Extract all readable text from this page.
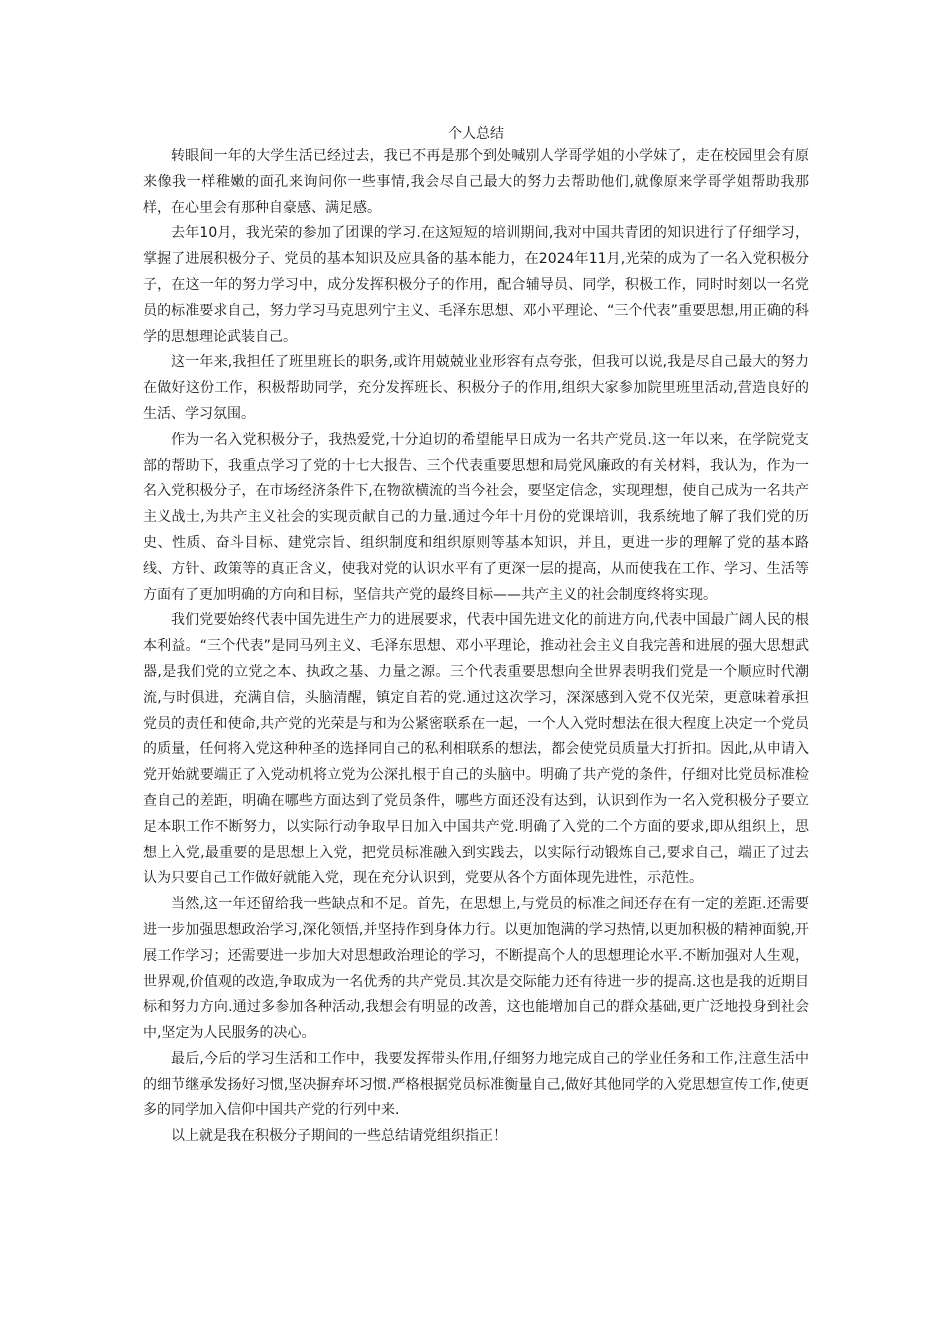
个人总结

转眼间一年的大学生活已经过去，我已不再是那个到处喊别人学哥学姐的小学妹了，走在校园里会有原来像我一样稚嫩的面孔来询问你一些事情,我会尽自己最大的努力去帮助他们,就像原来学哥学姐帮助我那样，在心里会有那种自豪感、满足感。

去年10月，我光荣的参加了团课的学习.在这短短的培训期间,我对中国共青团的知识进行了仔细学习，掌握了进展积极分子、党员的基本知识及应具备的基本能力，在2024年11月,光荣的成为了一名入党积极分子，在这一年的努力学习中，成分发挥积极分子的作用，配合辅导员、同学，积极工作，同时时刻以一名党员的标准要求自己，努力学习马克思列宁主义、毛泽东思想、邓小平理论、“三个代表”重要思想,用正确的科学的思想理论武装自己。

这一年来,我担任了班里班长的职务,或许用兢兢业业形容有点夸张，但我可以说,我是尽自己最大的努力在做好这份工作，积极帮助同学，充分发挥班长、积极分子的作用,组织大家参加院里班里活动,营造良好的生活、学习氛围。

作为一名入党积极分子，我热爱党,十分迫切的希望能早日成为一名共产党员.这一年以来，在学院党支部的帮助下，我重点学习了党的十七大报告、三个代表重要思想和局党风廉政的有关材料，我认为，作为一名入党积极分子，在市场经济条件下,在物欲横流的当今社会，要坚定信念，实现理想，使自己成为一名共产主义战士,为共产主义社会的实现贡献自己的力量.通过今年十月份的党课培训，我系统地了解了我们党的历史、性质、奋斗目标、建党宗旨、组织制度和组织原则等基本知识，并且，更进一步的理解了党的基本路线、方针、政策等的真正含义，使我对党的认识水平有了更深一层的提高，从而使我在工作、学习、生活等方面有了更加明确的方向和目标，坚信共产党的最终目标——共产主义的社会制度终将实现。

我们党要始终代表中国先进生产力的进展要求，代表中国先进文化的前进方向,代表中国最广阔人民的根本利益。“三个代表”是同马列主义、毛泽东思想、邓小平理论，推动社会主义自我完善和进展的强大思想武器,是我们党的立党之本、执政之基、力量之源。三个代表重要思想向全世界表明我们党是一个顺应时代潮流,与时俱进，充满自信，头脑清醒，镇定自若的党.通过这次学习，深深感到入党不仅光荣，更意味着承担党员的责任和使命,共产党的光荣是与和为公紧密联系在一起，一个人入党时想法在很大程度上决定一个党员的质量，任何将入党这种种圣的选择同自己的私利相联系的想法，都会使党员质量大打折扣。因此,从申请入党开始就要端正了入党动机将立党为公深扎根于自己的头脑中。明确了共产党的条件，仔细对比党员标准检查自己的差距，明确在哪些方面达到了党员条件，哪些方面还没有达到，认识到作为一名入党积极分子要立足本职工作不断努力，以实际行动争取早日加入中国共产党.明确了入党的二个方面的要求,即从组织上，思想上入党,最重要的是思想上入党，把党员标准融入到实践去，以实际行动锻炼自己,要求自己，端正了过去认为只要自己工作做好就能入党，现在充分认识到，党要从各个方面体现先进性，示范性。

当然,这一年还留给我一些缺点和不足。首先，在思想上,与党员的标准之间还存在有一定的差距.还需要进一步加强思想政治学习,深化领悟,并坚持作到身体力行。以更加饱满的学习热情,以更加积极的精神面貌,开展工作学习；还需要进一步加大对思想政治理论的学习，不断提高个人的思想理论水平.不断加强对人生观，世界观,价值观的改造,争取成为一名优秀的共产党员.其次是交际能力还有待进一步的提高.这也是我的近期目标和努力方向.通过多参加各种活动,我想会有明显的改善，这也能增加自己的群众基础,更广泛地投身到社会中,坚定为人民服务的决心。

最后,今后的学习生活和工作中，我要发挥带头作用,仔细努力地完成自己的学业任务和工作,注意生活中的细节继承发扬好习惯,坚决摒弃坏习惯.严格根据党员标准衡量自己,做好其他同学的入党思想宣传工作,使更多的同学加入信仰中国共产党的行列中来.

以上就是我在积极分子期间的一些总结请党组织指正！
